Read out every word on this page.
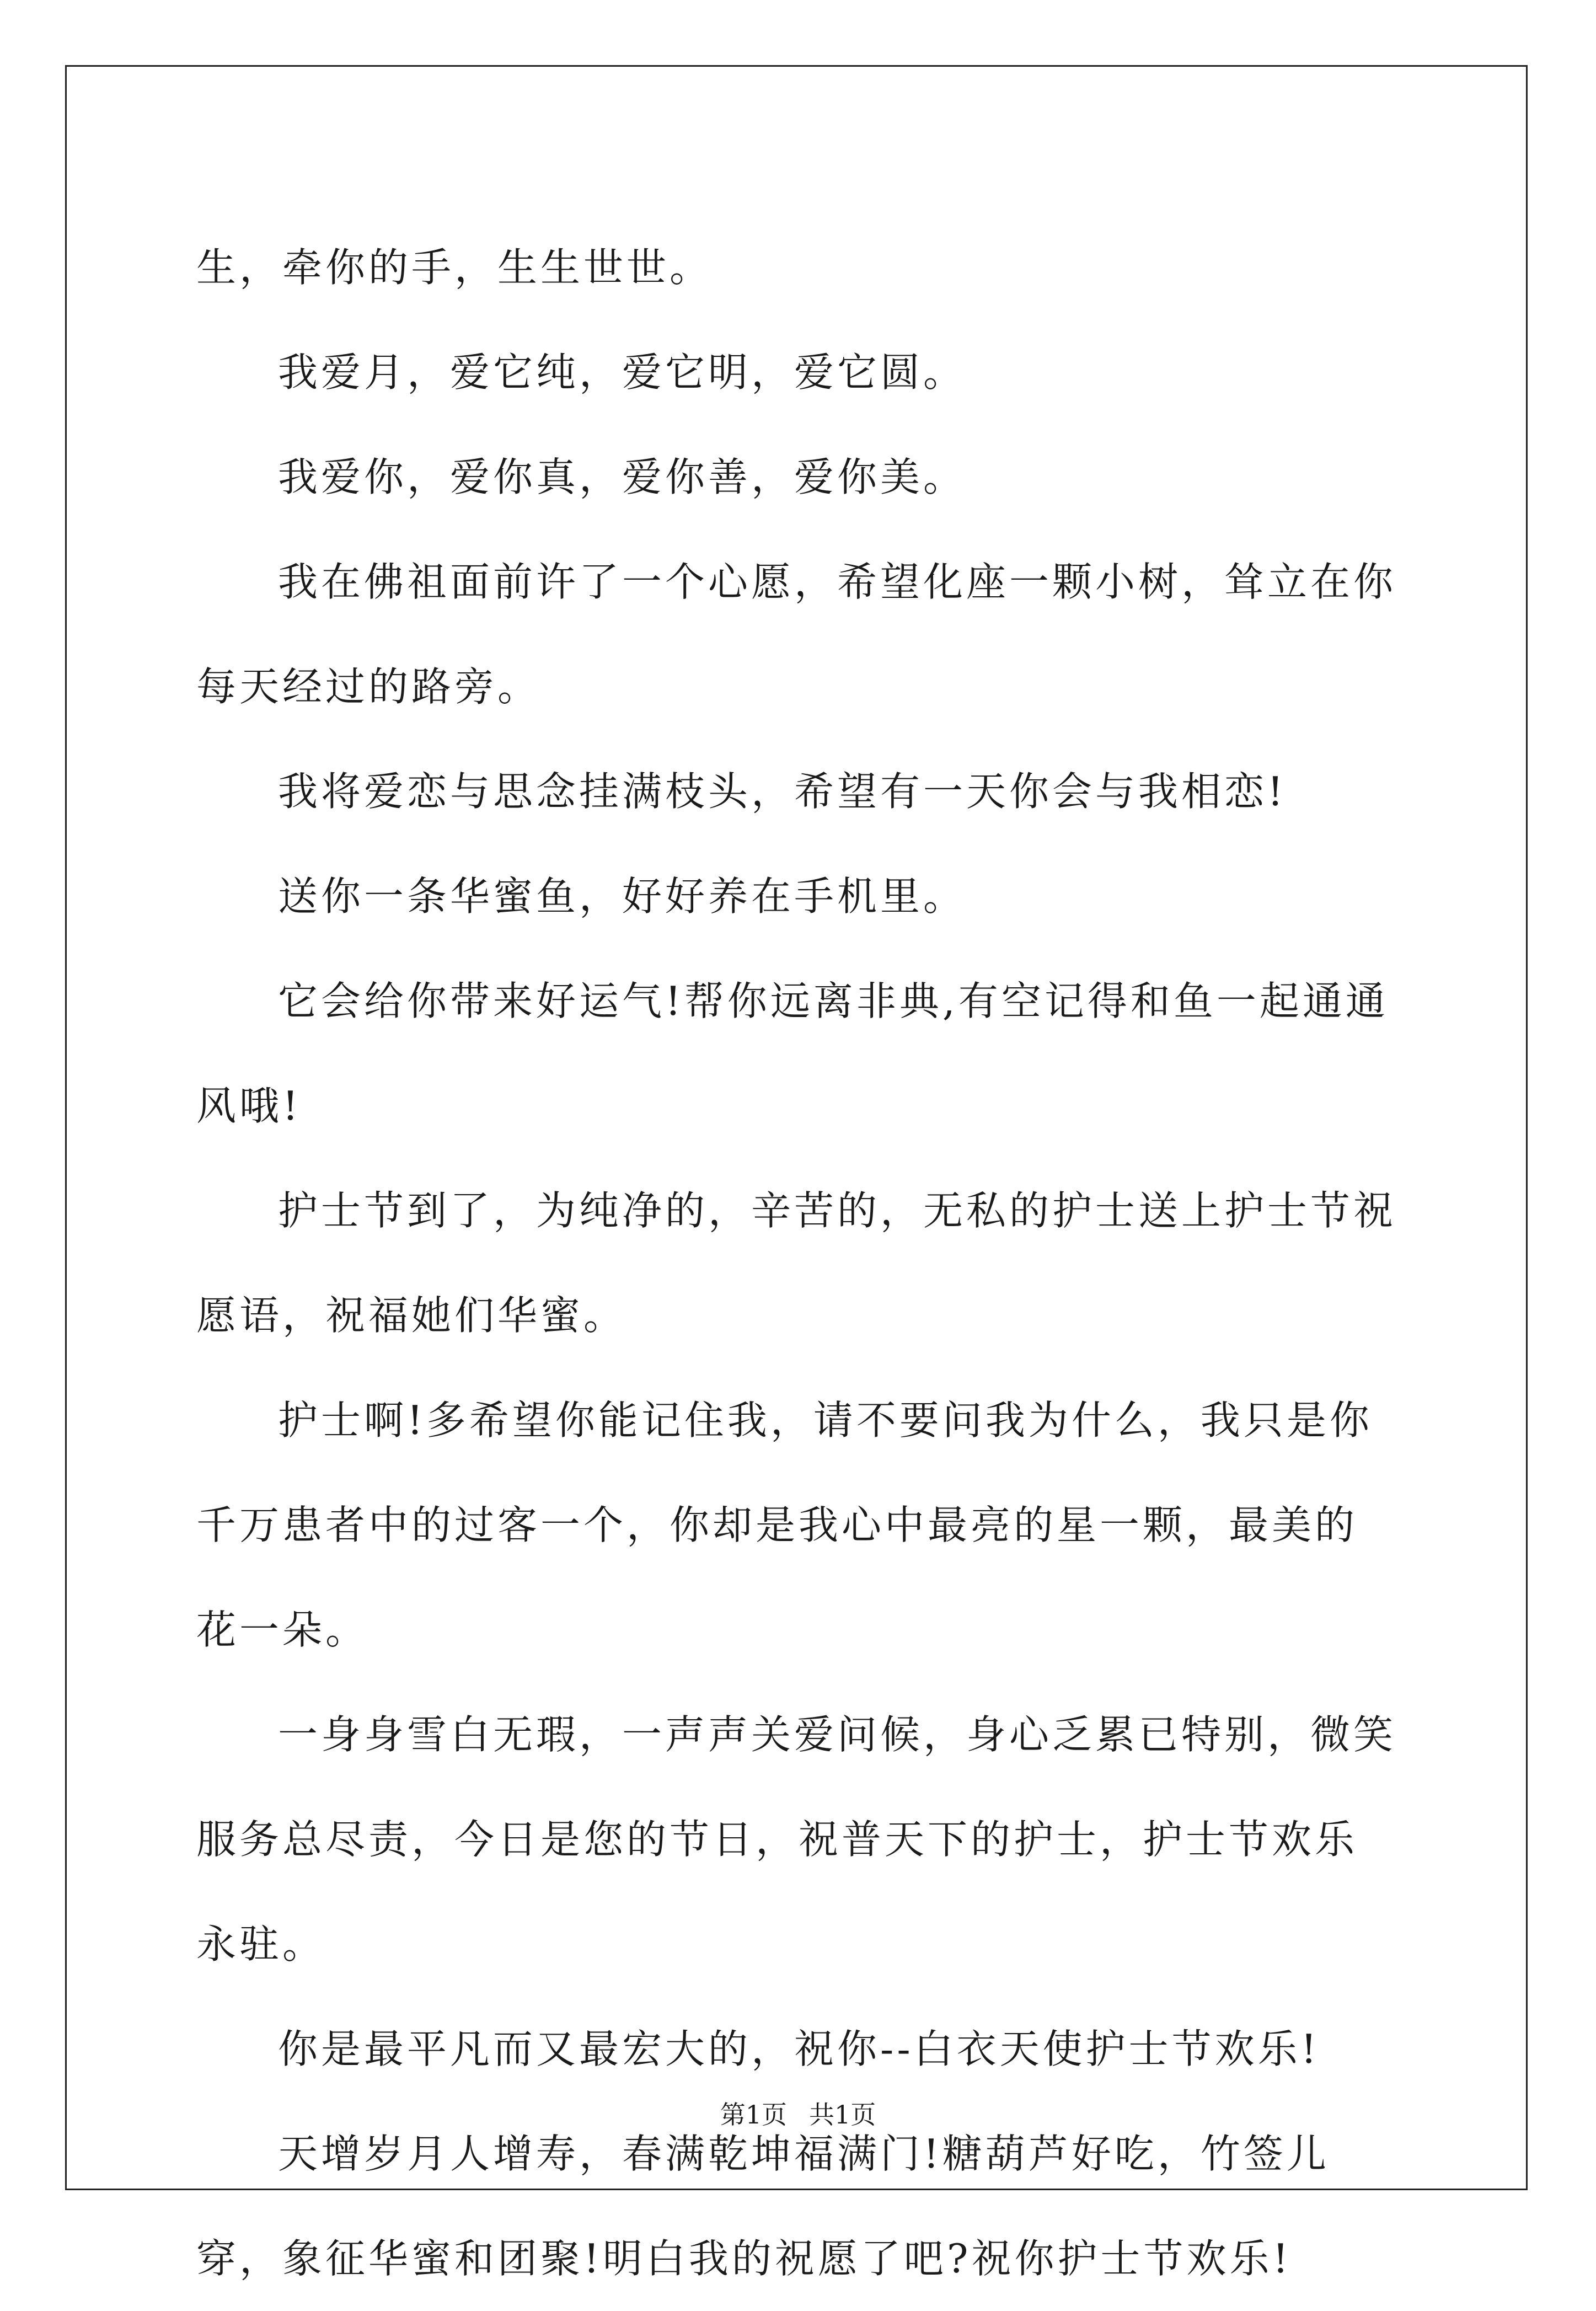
生，牵你的手，生生世世。

我爱月，爱它纯，爱它明，爱它圆。

我爱你，爱你真，爱你善，爱你美。

我在佛祖面前许了一个心愿，希望化座一颗小树，耸立在你每天经过的路旁。

我将爱恋与思念挂满枝头，希望有一天你会与我相恋!

送你一条华蜜鱼，好好养在手机里。

它会给你带来好运气!帮你远离非典,有空记得和鱼一起通通风哦!

护士节到了，为纯净的，辛苦的，无私的护士送上护士节祝愿语，祝福她们华蜜。

护士啊!多希望你能记住我，请不要问我为什么，我只是你千万患者中的过客一个，你却是我心中最亮的星一颗，最美的花一朵。

一身身雪白无瑕，一声声关爱问候，身心乏累已特别，微笑服务总尽责，今日是您的节日，祝普天下的护士，护士节欢乐永驻。

你是最平凡而又最宏大的，祝你--白衣天使护士节欢乐!

天增岁月人增寿，春满乾坤福满门!糖葫芦好吃，竹签儿穿，象征华蜜和团聚!明白我的祝愿了吧?祝你护士节欢乐!

第1页 共1页
